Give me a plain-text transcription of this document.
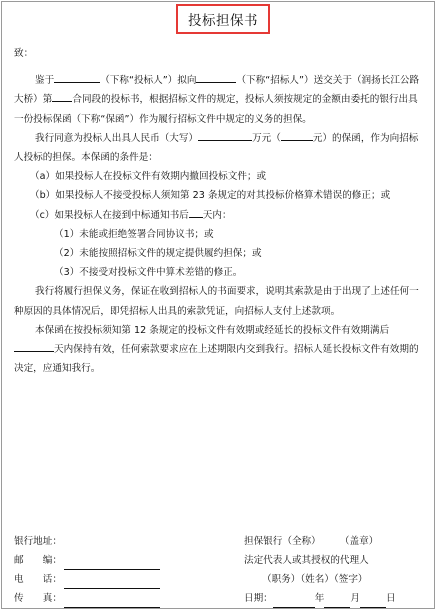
投标担保书

致：

鉴于	（下称“投标人”）拟向	（下称“招标人”）送交关于（润扬长江公路大桥）第 合同段的投标书，根据招标文件的规定，投标人须按规定的金额由委托的银行出具一份投标保函（下称“保函”）作为履行招标文件中规定的义务的担保。

我行同意为投标人出具人民币（大写）	万元（	元）的保函，作为向招标人投标的担保。本保函的条件是：

（a）如果投标人在投标文件有效期内撤回投标文件；或

（b）如果投标人不接受投标人须知第 23 条规定的对其投标价格算术错误的修正；或

（c）如果投标人在接到中标通知书后 天内：

（1）未能或拒绝签署合同协议书；或

（2）未能按照招标文件的规定提供履约担保；或

（3）不接受对投标文件中算术差错的修正。

我行将履行担保义务，保证在收到招标人的书面要求，说明其索款是由于出现了上述任何一种原因的具体情况后，即凭招标人出具的索款凭证，向招标人支付上述款项。

本保函在按投标须知第 12 条规定的投标文件有效期或经延长的投标文件有效期满后天内保持有效，任何索款要求应在上述期限内交到我行。招标人延长投标文件有效期的决定，应通知我行。

银行地址：
邮　　编：
电　　话：
传　　真：
担保银行（全称）　　　（盖章）
法定代表人或其授权的代理人
（职务）（姓名）（签字）
日期：	年	月	日
